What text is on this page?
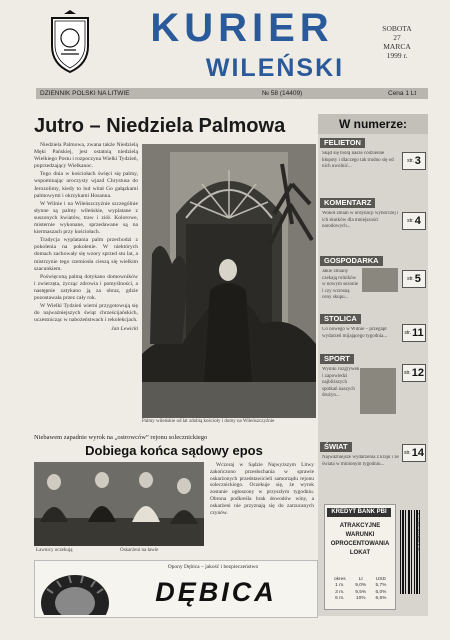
KURIER
WILEŃSKI
SOBOTA
27
MARCA
1999 r.
DZIENNIK POLSKI NA LITWIE	№ 58 (14409)	Cena 1 Lt
Jutro – Niedziela Palmowa

Niedziela Palmowa, zwana także Niedzielą Męki Pańskiej, jest ostatnią niedzielą Wielkiego Postu i rozpoczyna Wielki Tydzień, poprzedzający Wielkanoc.

Tego dnia w kościołach święci się palmy, wspominając uroczysty wjazd Chrystusa do Jerozolimy, kiedy to lud witał Go gałązkami palmowymi i okrzykami Hosanna.

W Wilnie i na Wileńszczyźnie szczególnie słynne są palmy wileńskie, wyplatane z suszonych kwiatów, traw i ziół. Kolorowe, misternie wykonane, sprzedawane są na kiermaszach przy kościołach.

Tradycja wyplatania palm przechodzi z pokolenia na pokolenie. W niektórych domach zachowały się wzory sprzed stu lat, a mistrzynie tego rzemiosła cieszą się wielkim szacunkiem.

Poświęconą palmą dotykano domowników i zwierzęta, życząc zdrowia i pomyślności, a następnie zatykano ją za obraz, gdzie pozostawała przez cały rok.

W Wielki Tydzień wierni przygotowują się do najważniejszych świąt chrześcijańskich, uczestnicząc w nabożeństwach i rekolekcjach.

Jan Lewicki

Palmy wileńskie od lat zdobią kościoły i domy na Wileńszczyźnie
W numerze:
FELIETON
Skąd się biorą nasze codzienne kłopoty i dlaczego tak trudno się od nich uwolnić...
$^{str.}$3
KOMENTARZ
Wokół zmian w ordynacji wyborczej i ich skutków dla mniejszości narodowych...
$^{str.}$4
GOSPODARKA
Jakie zmiany czekają rolników w nowym sezonie i czy wzrosną ceny skupu...
$^{str.}$5
STOLICA
Co nowego w Wilnie – przegląd wydarzeń mijającego tygodnia...	$^{str.}$11
SPORT
Wyniki rozgrywek i zapowiedzi najbliższych spotkań naszych drużyn...
$^{str.}$12
ŚWIAT
Najważniejsze wydarzenia z kraju i ze świata w minionym tygodniu...
$^{str.}$14
Niebawem zapadnie wyrok na „ostrowców” rejonu solecznickiego
Dobiega końca sądowy epos
Ławnicy oczekują	Oskarżeni na ławie

Wczoraj w Sądzie Najwyższym Litwy zakończono przesłuchania w sprawie oskarżonych przedstawicieli samorządu rejonu solecznickiego. Oczekuje się, że wyrok zostanie ogłoszony w przyszłym tygodniu. Obrona podkreśla brak dowodów winy, a oskarżeni nie przyznają się do zarzucanych czynów.

Opony Dębica – jakość i bezpieczeństwo
DĘBICA
KREDYT BANK PBI
ATRAKCYJNE
WARUNKI
OPROCENTOWANIA
LOKAT
okres	Lt	USD
1 m.	9,0%	5,7%
3 m.	9,5%	6,0%
6 m.	10%	6,5%
4 770170 000258
